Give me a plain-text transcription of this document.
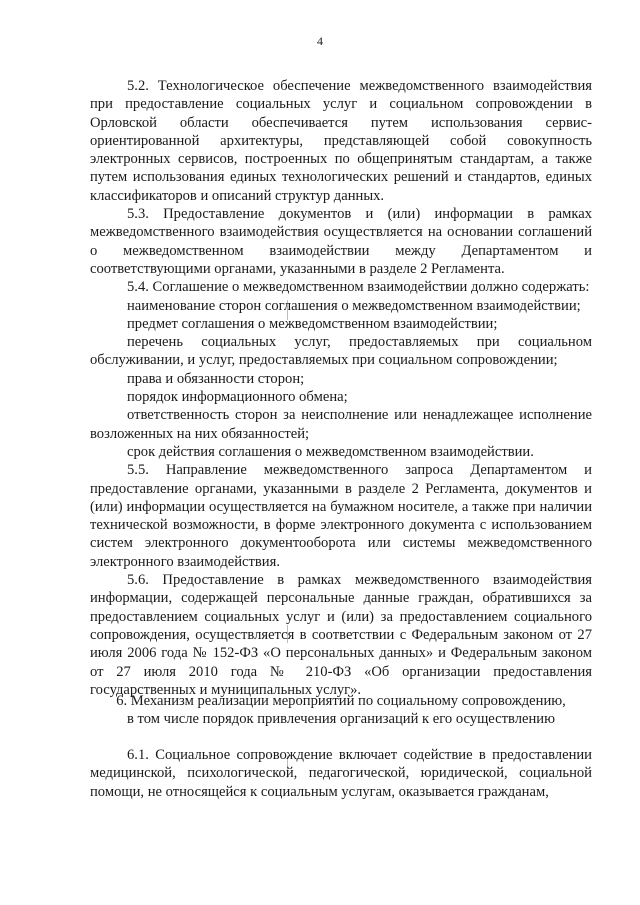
4

5.2. Технологическое обеспечение межведомственного взаимодействия при предоставление социальных услуг и социальном сопровождении в Орловской области обеспечивается путем использования сервис-ориентированной архитектуры, представляющей собой совокупность электронных сервисов, построенных по общепринятым стандартам, а также путем использования единых технологических решений и стандартов, единых классификаторов и описаний структур данных.

5.3. Предоставление документов и (или) информации в рамках межведомственного взаимодействия осуществляется на основании соглашений о межведомственном взаимодействии между Департаментом и соответствующими органами, указанными в разделе 2 Регламента.

5.4. Соглашение о межведомственном взаимодействии должно содержать:

наименование сторон соглашения о межведомственном взаимодействии;

предмет соглашения о межведомственном взаимодействии;

перечень социальных услуг, предоставляемых при социальном обслуживании, и услуг, предоставляемых при социальном сопровождении;

права и обязанности сторон;

порядок информационного обмена;

ответственность сторон за неисполнение или ненадлежащее исполнение возложенных на них обязанностей;

срок действия соглашения о межведомственном взаимодействии.

5.5. Направление межведомственного запроса Департаментом и предоставление органами, указанными в разделе 2 Регламента, документов и (или) информации осуществляется на бумажном носителе, а также при наличии технической возможности, в форме электронного документа с использованием систем электронного документооборота или системы межведомственного электронного взаимодействия.

5.6. Предоставление в рамках межведомственного взаимодействия информации, содержащей персональные данные граждан, обратившихся за предоставлением социальных услуг и (или) за предоставлением социального сопровождения, осуществляется в соответствии с Федеральным законом от 27 июля 2006 года № 152-ФЗ «О персональных данных» и Федеральным законом от 27 июля 2010 года № 210-ФЗ «Об организации предоставления государственных и муниципальных услуг».

6. Механизм реализации мероприятий по социальному сопровождению,
в том числе порядок привлечения организаций к его осуществлению

6.1. Социальное сопровождение включает содействие в предоставлении медицинской, психологической, педагогической, юридической, социальной помощи, не относящейся к социальным услугам, оказывается гражданам,
